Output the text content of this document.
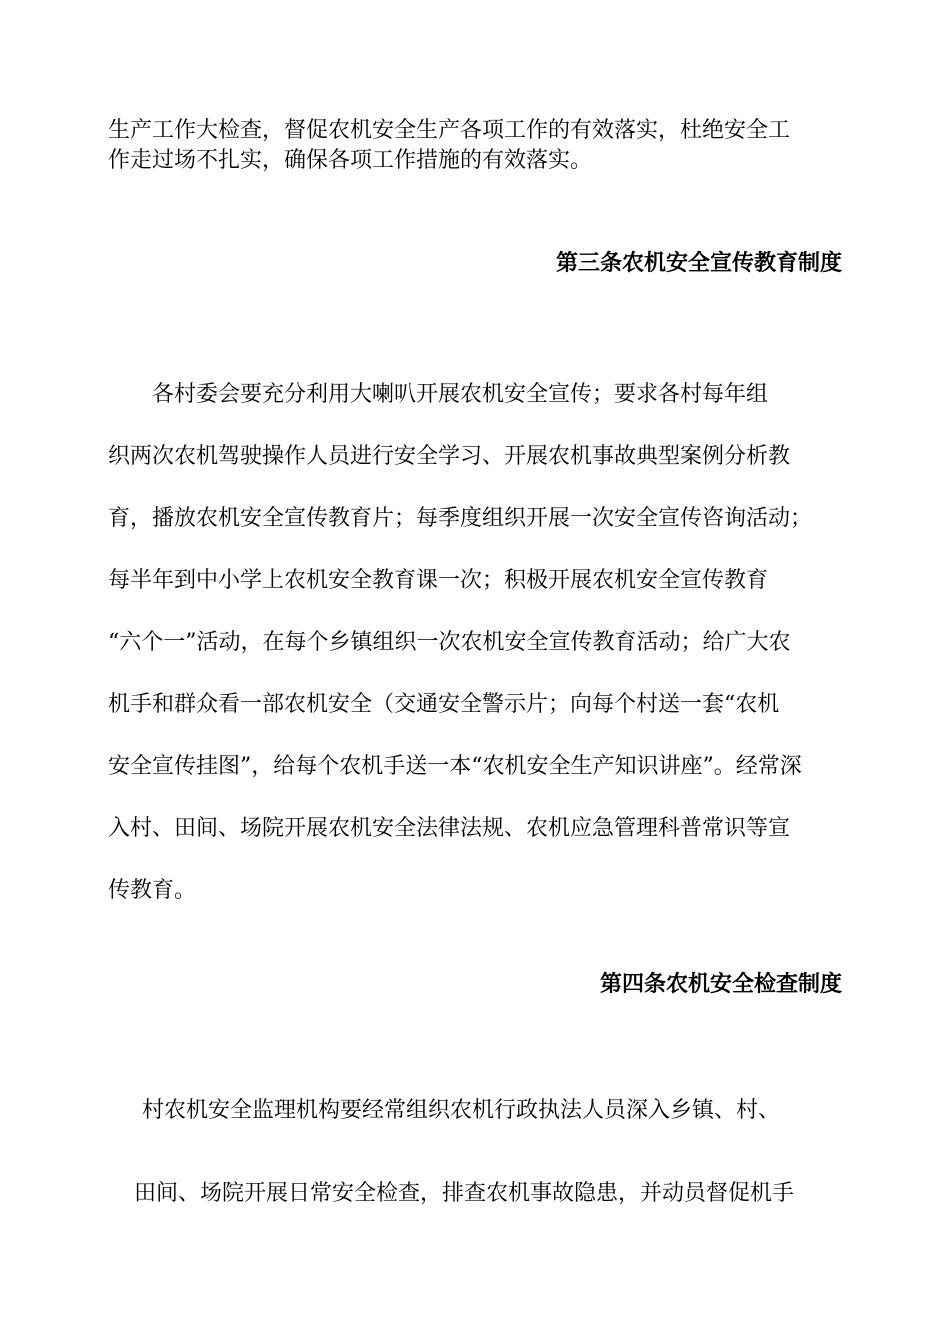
生产工作大检查，督促农机安全生产各项工作的有效落实，杜绝安全工
作走过场不扎实，确保各项工作措施的有效落实。

第三条农机安全宣传教育制度

　　各村委会要充分利用大喇叭开展农机安全宣传；要求各村每年组
织两次农机驾驶操作人员进行安全学习、开展农机事故典型案例分析教
育，播放农机安全宣传教育片；每季度组织开展一次安全宣传咨询活动；
每半年到中小学上农机安全教育课一次；积极开展农机安全宣传教育
“六个一”活动，在每个乡镇组织一次农机安全宣传教育活动；给广大农
机手和群众看一部农机安全（交通安全警示片；向每个村送一套“农机
安全宣传挂图”，给每个农机手送一本“农机安全生产知识讲座”。经常深
入村、田间、场院开展农机安全法律法规、农机应急管理科普常识等宣
传教育。

第四条农机安全检查制度

村农机安全监理机构要经常组织农机行政执法人员深入乡镇、村、

田间、场院开展日常安全检查，排查农机事故隐患，并动员督促机手
